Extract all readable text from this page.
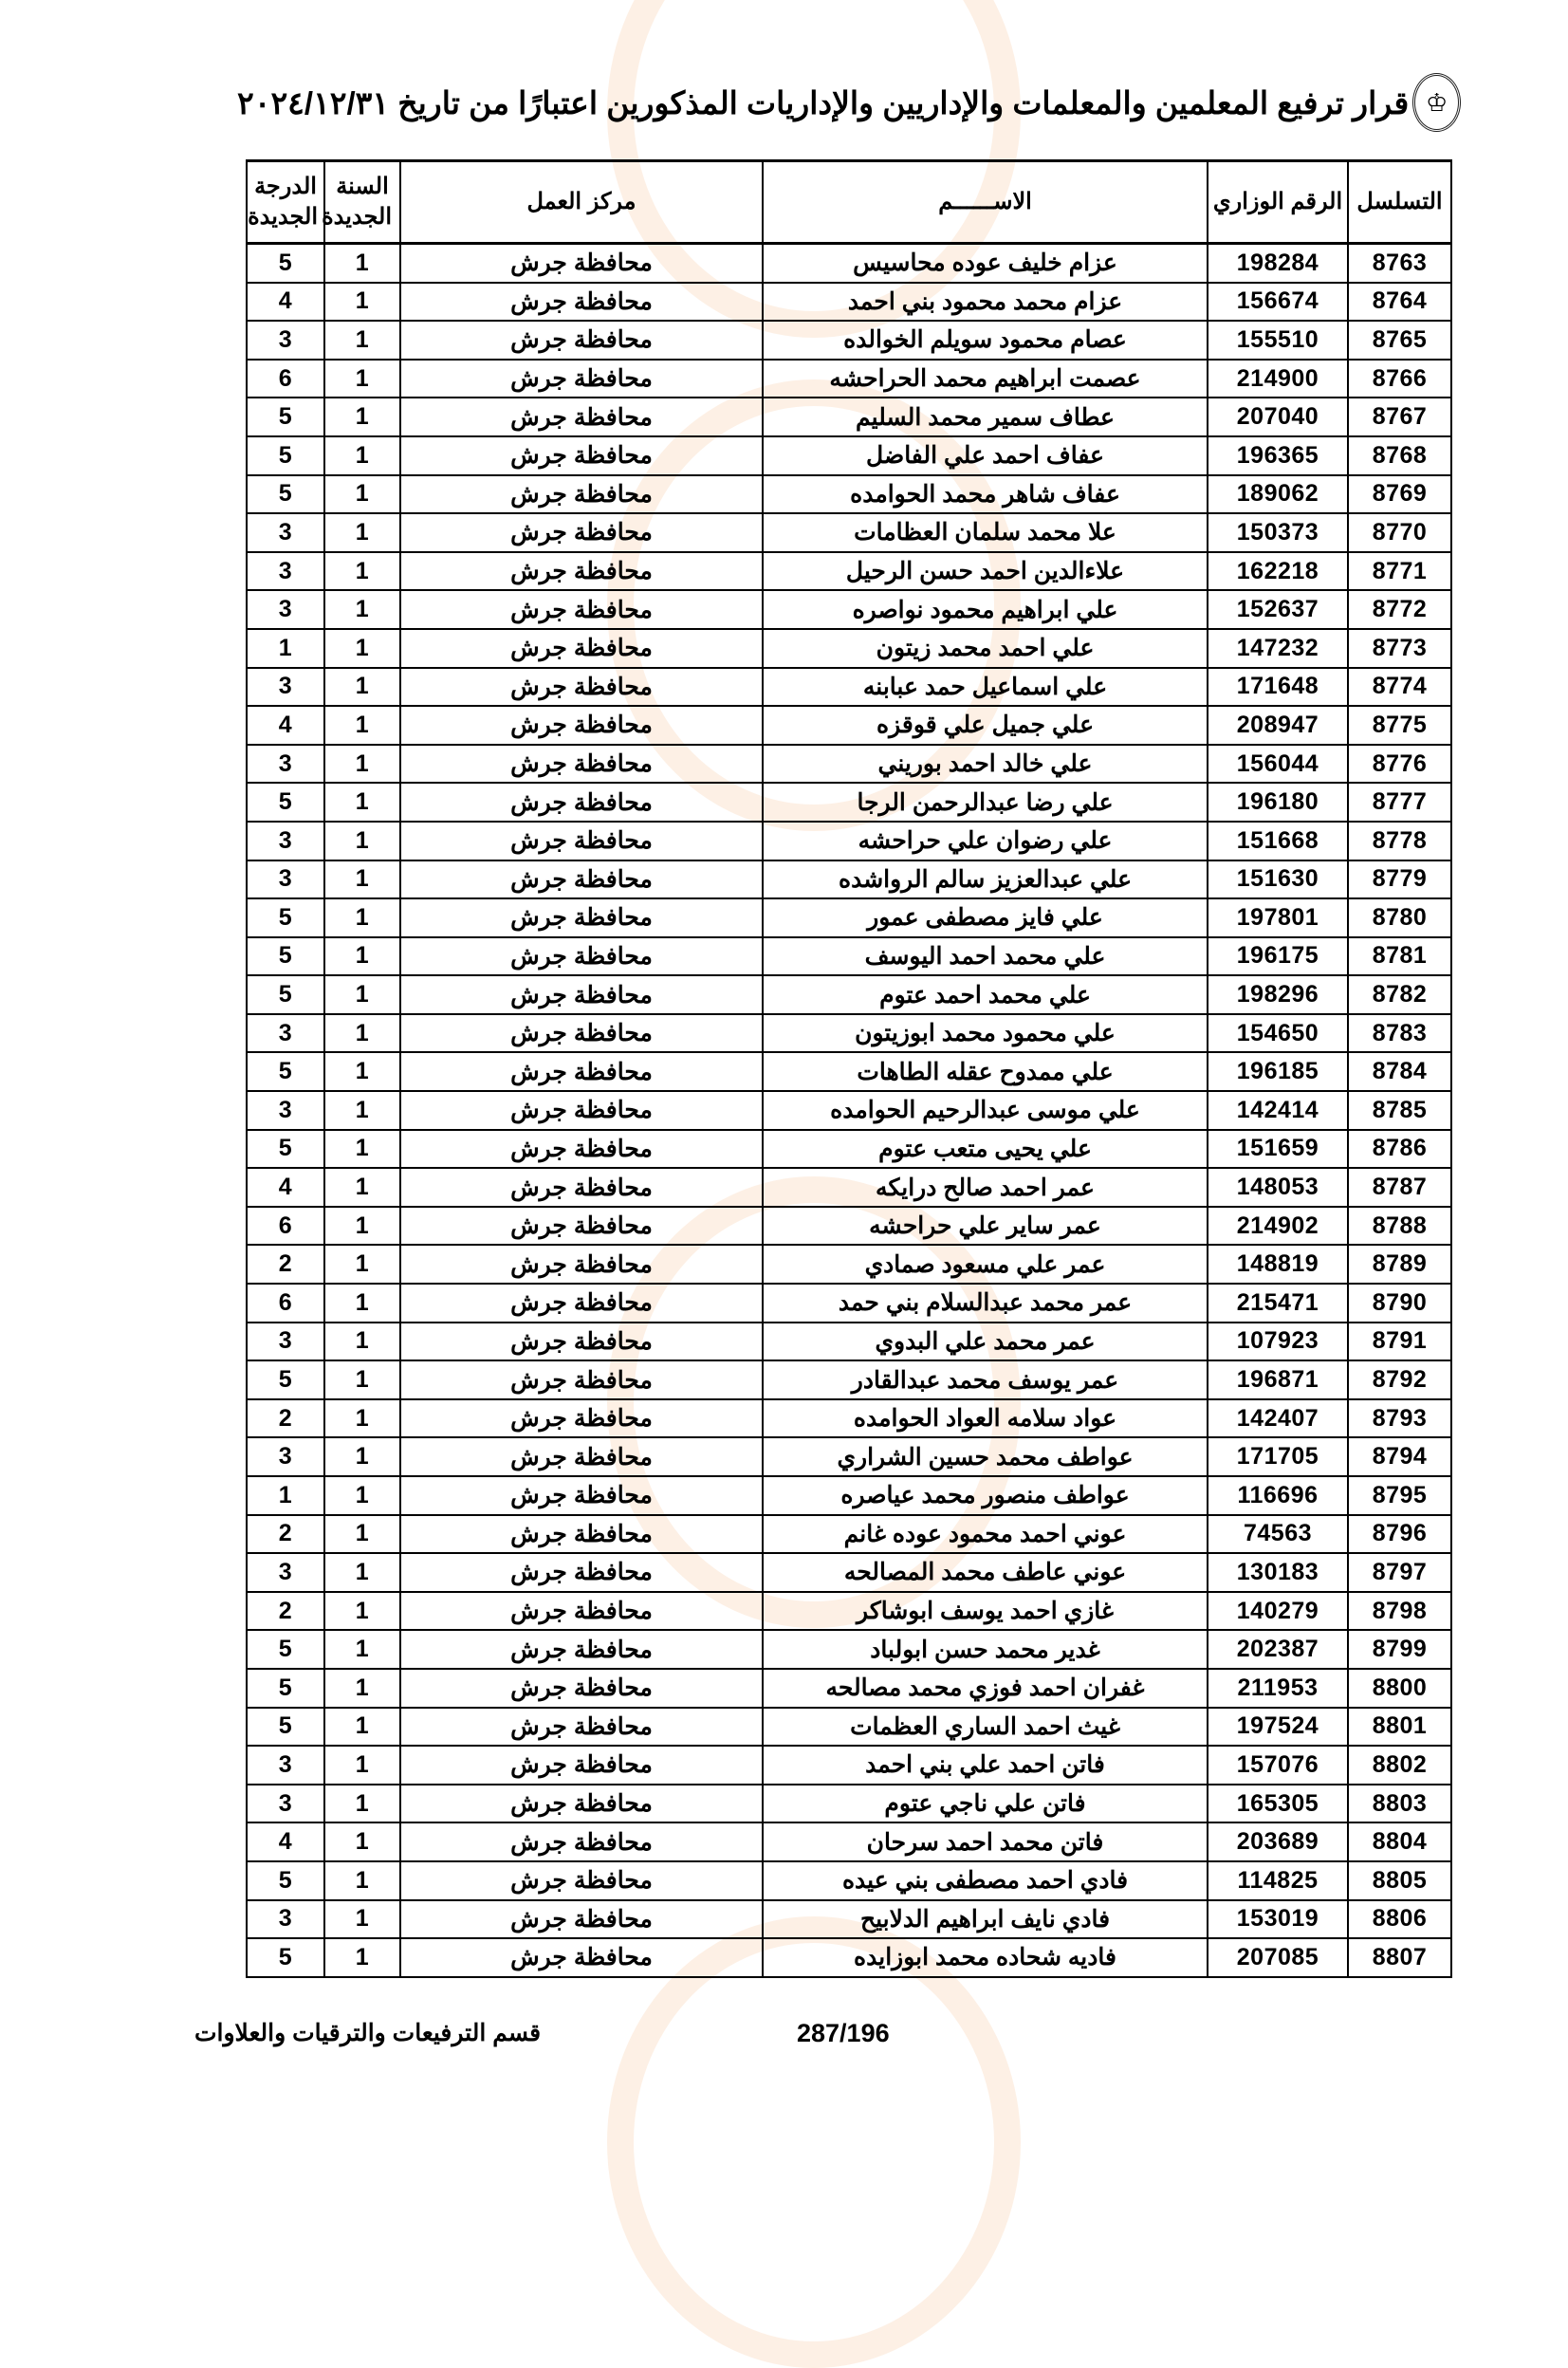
♔
قرار ترفيع المعلمين والمعلمات والإداريين والإداريات المذكورين اعتبارًا من تاريخ ٢٠٢٤/١٢/٣١
التسلسل	الرقم الوزاري	الاســــــم	مركز العمل	السنة الجديدة	الدرجة الجديدة
8763	198284	عزام خليف عوده محاسيس	محافظة جرش	1	5
8764	156674	عزام محمد محمود بني احمد	محافظة جرش	1	4
8765	155510	عصام محمود سويلم الخوالده	محافظة جرش	1	3
8766	214900	عصمت ابراهيم محمد الحراحشه	محافظة جرش	1	6
8767	207040	عطاف سمير محمد السليم	محافظة جرش	1	5
8768	196365	عفاف احمد علي الفاضل	محافظة جرش	1	5
8769	189062	عفاف شاهر محمد الحوامده	محافظة جرش	1	5
8770	150373	علا محمد سلمان العظامات	محافظة جرش	1	3
8771	162218	علاءالدين احمد حسن الرحيل	محافظة جرش	1	3
8772	152637	علي ابراهيم محمود نواصره	محافظة جرش	1	3
8773	147232	علي احمد محمد زيتون	محافظة جرش	1	1
8774	171648	علي اسماعيل حمد عبابنه	محافظة جرش	1	3
8775	208947	علي جميل علي قوقزه	محافظة جرش	1	4
8776	156044	علي خالد احمد بوريني	محافظة جرش	1	3
8777	196180	علي رضا عبدالرحمن الرجا	محافظة جرش	1	5
8778	151668	علي رضوان علي حراحشه	محافظة جرش	1	3
8779	151630	علي عبدالعزيز سالم الرواشده	محافظة جرش	1	3
8780	197801	علي فايز مصطفى عمور	محافظة جرش	1	5
8781	196175	علي محمد احمد اليوسف	محافظة جرش	1	5
8782	198296	علي محمد احمد عتوم	محافظة جرش	1	5
8783	154650	علي محمود محمد ابوزيتون	محافظة جرش	1	3
8784	196185	علي ممدوح عقله الطاهات	محافظة جرش	1	5
8785	142414	علي موسى عبدالرحيم الحوامده	محافظة جرش	1	3
8786	151659	علي يحيى متعب عتوم	محافظة جرش	1	5
8787	148053	عمر احمد صالح درايكه	محافظة جرش	1	4
8788	214902	عمر ساير علي حراحشه	محافظة جرش	1	6
8789	148819	عمر علي مسعود صمادي	محافظة جرش	1	2
8790	215471	عمر محمد عبدالسلام بني حمد	محافظة جرش	1	6
8791	107923	عمر محمد علي البدوي	محافظة جرش	1	3
8792	196871	عمر يوسف محمد عبدالقادر	محافظة جرش	1	5
8793	142407	عواد سلامه العواد الحوامده	محافظة جرش	1	2
8794	171705	عواطف محمد حسين الشراري	محافظة جرش	1	3
8795	116696	عواطف منصور محمد عياصره	محافظة جرش	1	1
8796	74563	عوني احمد محمود عوده غانم	محافظة جرش	1	2
8797	130183	عوني عاطف محمد المصالحه	محافظة جرش	1	3
8798	140279	غازي احمد يوسف ابوشاكر	محافظة جرش	1	2
8799	202387	غدير محمد حسن ابولباد	محافظة جرش	1	5
8800	211953	غفران احمد فوزي محمد مصالحه	محافظة جرش	1	5
8801	197524	غيث احمد الساري العظمات	محافظة جرش	1	5
8802	157076	فاتن احمد علي بني احمد	محافظة جرش	1	3
8803	165305	فاتن علي ناجي عتوم	محافظة جرش	1	3
8804	203689	فاتن محمد احمد سرحان	محافظة جرش	1	4
8805	114825	فادي احمد مصطفى بني عيده	محافظة جرش	1	5
8806	153019	فادي نايف ابراهيم الدلابيح	محافظة جرش	1	3
8807	207085	فاديه شحاده محمد ابوزايده	محافظة جرش	1	5
287/196
قسم الترفيعات والترقيات والعلاوات
